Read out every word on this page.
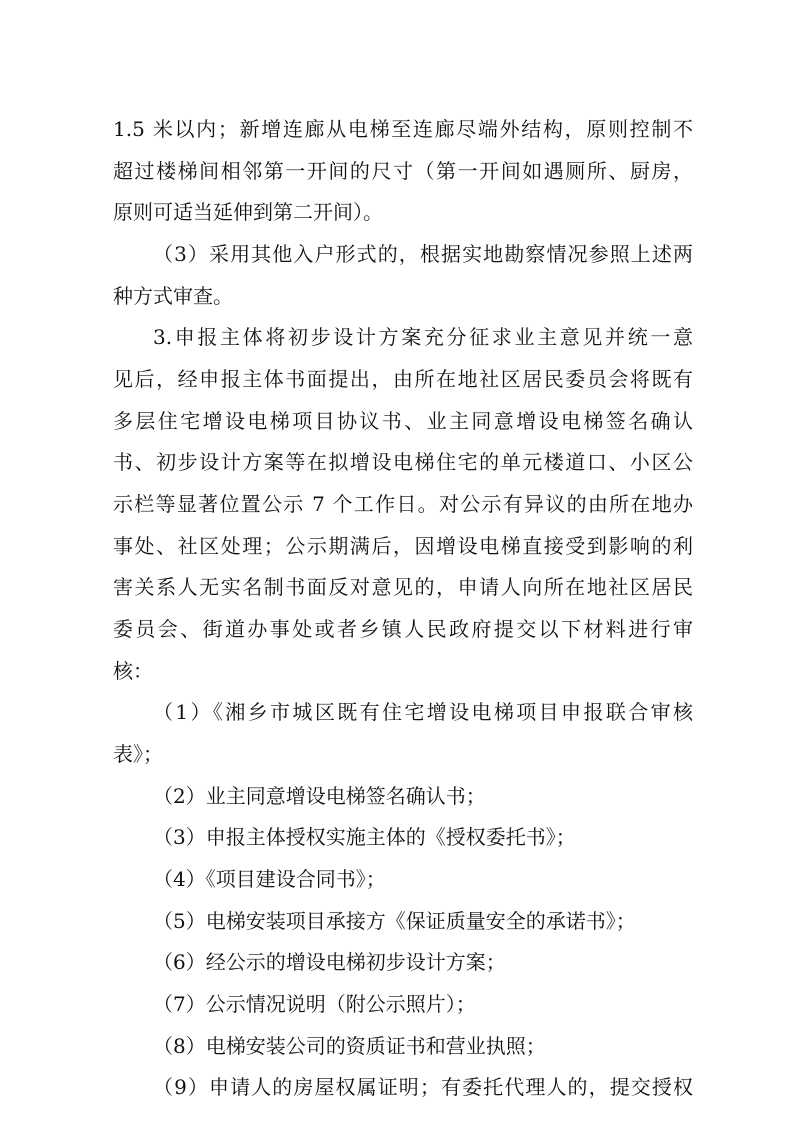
1.5 米以内；新增连廊从电梯至连廊尽端外结构，原则控制不
超过楼梯间相邻第一开间的尺寸（第一开间如遇厕所、厨房，
原则可适当延伸到第二开间）。
（3）采用其他入户形式的，根据实地勘察情况参照上述两
种方式审查。
3.申报主体将初步设计方案充分征求业主意见并统一意
见后，经申报主体书面提出，由所在地社区居民委员会将既有
多层住宅增设电梯项目协议书、业主同意增设电梯签名确认
书、初步设计方案等在拟增设电梯住宅的单元楼道口、小区公
示栏等显著位置公示 7 个工作日。对公示有异议的由所在地办
事处、社区处理；公示期满后，因增设电梯直接受到影响的利
害关系人无实名制书面反对意见的，申请人向所在地社区居民
委员会、街道办事处或者乡镇人民政府提交以下材料进行审
核：
（1）《湘乡市城区既有住宅增设电梯项目申报联合审核
表》；
（2）业主同意增设电梯签名确认书；
（3）申报主体授权实施主体的《授权委托书》；
（4）《项目建设合同书》；
（5）电梯安装项目承接方《保证质量安全的承诺书》；
（6）经公示的增设电梯初步设计方案；
（7）公示情况说明（附公示照片）；
（8）电梯安装公司的资质证书和营业执照；
（9）申请人的房屋权属证明；有委托代理人的，提交授权
